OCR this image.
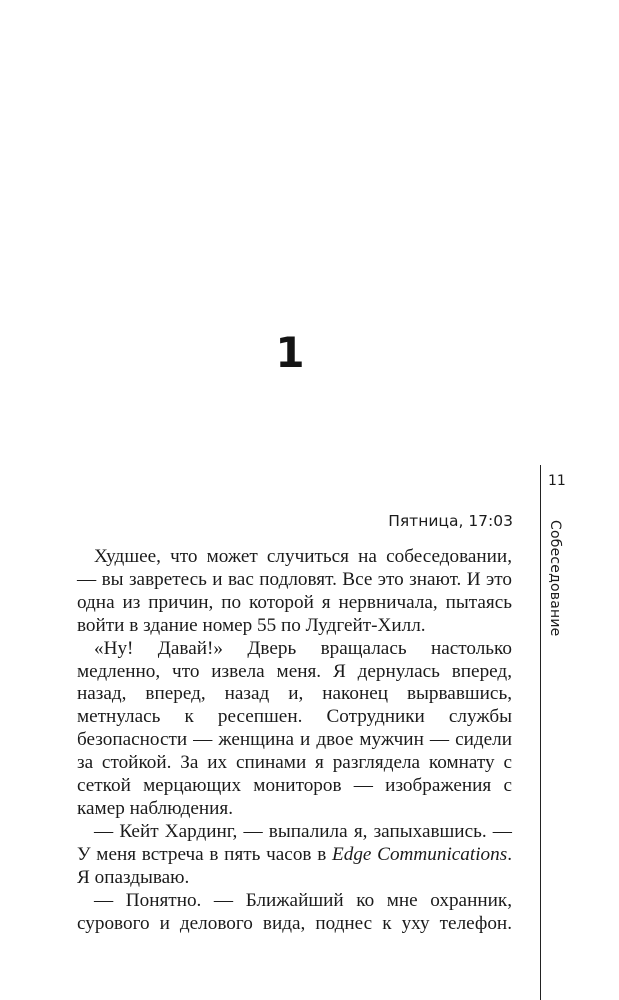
1
Пятница, 17:03

Худшее, что может случиться на собеседовании, — вы завретесь и вас подловят. Все это знают. И это одна из причин, по которой я нервничала, пытаясь войти в здание номер 55 по Лудгейт-Хилл.

«Ну! Давай!» Дверь вращалась настолько медленно, что извела меня. Я дернулась вперед, назад, вперед, назад и, наконец вырвавшись, метнулась к ресепшен. Сотрудники службы безопасности — женщина и двое мужчин — сидели за стойкой. За их спинами я разглядела комнату с сеткой мерцающих мониторов — изображения с камер наблюдения.

— Кейт Хардинг, — выпалила я, запыхавшись. — У меня встреча в пять часов в Edge Communications. Я опаздываю.

— Понятно. — Ближайший ко мне охранник, сурового и делового вида, поднес к уху телефон.

11
Собеседование
